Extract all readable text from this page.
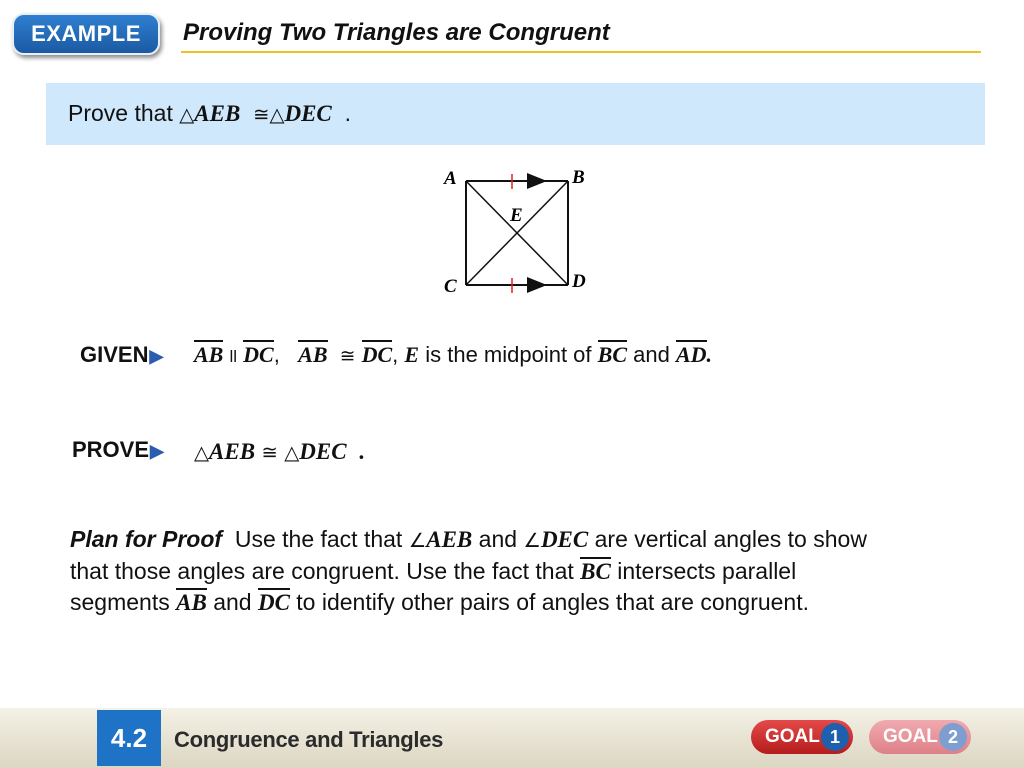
EXAMPLE	Proving Two Triangles are Congruent
Prove that △AEB ≅△DEC .
A	B
C	D
E
GIVEN▶ AB ll DC, AB ≅ DC, E is the midpoint of BC and AD.
PROVE▶ △AEB ≅ △DEC .
Plan for Proof Use the fact that ∠AEB and ∠DEC are vertical angles to show that those angles are congruent. Use the fact that BC intersects parallel segments AB and DC to identify other pairs of angles that are congruent.
4.2	Congruence and Triangles	GOAL 1	GOAL 2
